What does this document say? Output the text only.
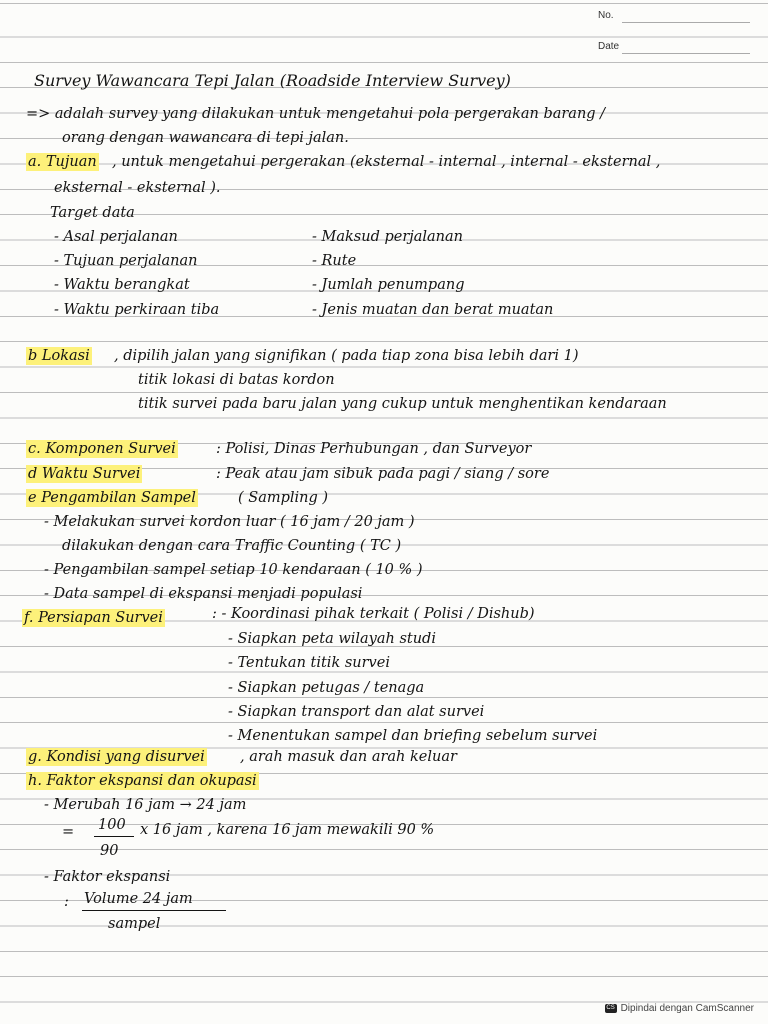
No.
Date
Survey Wawancara Tepi Jalan (Roadside Interview Survey)
=> adalah survey yang dilakukan untuk mengetahui pola pergerakan barang /
orang dengan wawancara di tepi jalan.
a. Tujuan , untuk mengetahui pergerakan (eksternal - internal , internal - eksternal ,
eksternal - eksternal ).
Target data
- Asal perjalanan	- Maksud perjalanan
- Tujuan perjalanan	- Rute
- Waktu berangkat	- Jumlah penumpang
- Waktu perkiraan tiba	- Jenis muatan dan berat muatan
b Lokasi , dipilih jalan yang signifikan ( pada tiap zona bisa lebih dari 1)
titik lokasi di batas kordon
titik survei pada baru jalan yang cukup untuk menghentikan kendaraan
c. Komponen Survei	: Polisi, Dinas Perhubungan , dan Surveyor
d Waktu Survei	: Peak atau jam sibuk pada pagi / siang / sore
e Pengambilan Sampel	( Sampling )
- Melakukan survei kordon luar ( 16 jam / 20 jam )
dilakukan dengan cara Traffic Counting ( TC )
- Pengambilan sampel setiap 10 kendaraan ( 10 % )
- Data sampel di ekspansi menjadi populasi
f. Persiapan Survei	: - Koordinasi pihak terkait ( Polisi / Dishub)
- Siapkan peta wilayah studi
- Tentukan titik survei
- Siapkan petugas / tenaga
- Siapkan transport dan alat survei
- Menentukan sampel dan briefing sebelum survei
g. Kondisi yang disurvei , arah masuk dan arah keluar
h. Faktor ekspansi dan okupasi
- Merubah 16 jam → 24 jam
= 100 x 16 jam , karena 16 jam mewakili 90 %
90
- Faktor ekspansi
: Volume 24 jam
sampel
CS Dipindai dengan CamScanner
